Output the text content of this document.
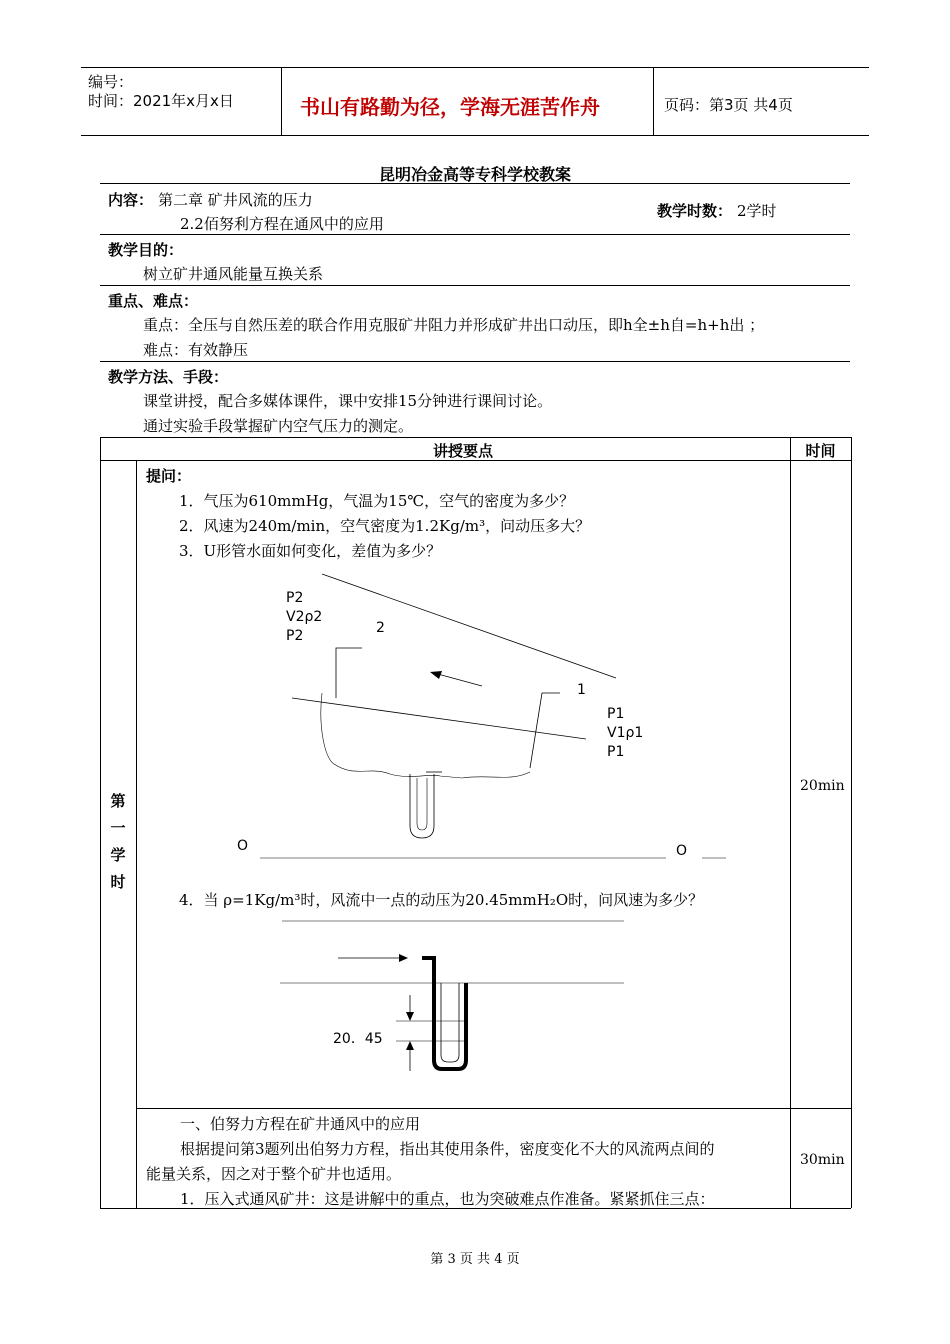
编号：
时间：2021年x月x日	书山有路勤为径，学海无涯苦作舟	页码：第3页 共4页
昆明冶金高等专科学校教案
内容： 第二章 矿井风流的压力
2.2佰努利方程在通风中的应用
教学时数： 2学时
教学目的：
树立矿井通风能量互换关系
重点、难点：
重点：全压与自然压差的联合作用克服矿井阻力并形成矿井出口动压，即h全±h自=h+h出 ；
难点：有效静压
教学方法、手段：
课堂讲授，配合多媒体课件，课中安排15分钟进行课间讨论。
通过实验手段掌握矿内空气压力的测定。
讲授要点	时间
第一学时
提问：
1．气压为610mmHg，气温为15℃，空气的密度为多少？
2．风速为240m/min，空气密度为1.2Kg/m³，问动压多大？
3．U形管水面如何变化，差值为多少？
20min
P2
V2ρ2
P2	2
1
P1
V1ρ1
P1
O	O
4．当 ρ=1Kg/m³时，风流中一点的动压为20.45mmH₂O时，问风速为多少？
20．45
一、伯努力方程在矿井通风中的应用
根据提问第3题列出伯努力方程，指出其使用条件，密度变化不大的风流两点间的
能量关系，因之对于整个矿井也适用。
1．压入式通风矿井：这是讲解中的重点，也为突破难点作准备。紧紧抓住三点：
30min
第 3 页 共 4 页
